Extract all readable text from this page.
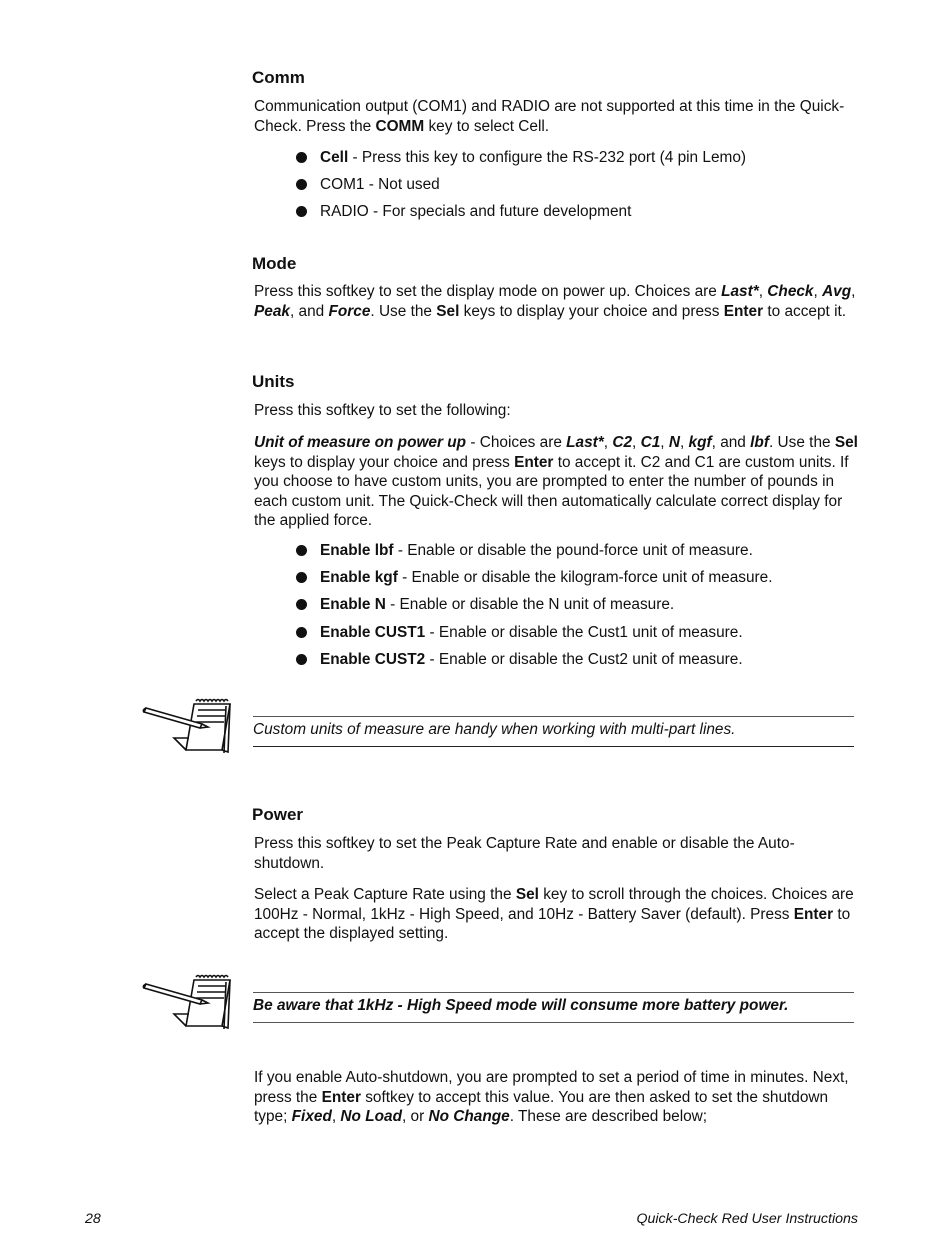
Comm

Communication output (COM1) and RADIO are not supported at this time in the Quick-Check. Press the COMM key to select Cell.

Cell - Press this key to configure the RS-232 port (4 pin Lemo)
COM1 - Not used
RADIO - For specials and future development
Mode

Press this softkey to set the display mode on power up. Choices are Last*, Check, Avg, Peak, and Force. Use the Sel keys to display your choice and press Enter to accept it.

Units

Press this softkey to set the following:

Unit of measure on power up - Choices are Last*, C2, C1, N, kgf, and lbf. Use the Sel keys to display your choice and press Enter to accept it. C2 and C1 are custom units. If you choose to have custom units, you are prompted to enter the number of pounds in each custom unit. The Quick-Check will then automatically calculate correct display for the applied force.

Enable lbf - Enable or disable the pound-force unit of measure.
Enable kgf - Enable or disable the kilogram-force unit of measure.
Enable N - Enable or disable the N unit of measure.
Enable CUST1 - Enable or disable the Cust1 unit of measure.
Enable CUST2 - Enable or disable the Cust2 unit of measure.

Custom units of measure are handy when working with multi-part lines.

Power

Press this softkey to set the Peak Capture Rate and enable or disable the Auto-shutdown.

Select a Peak Capture Rate using the Sel key to scroll through the choices. Choices are 100Hz - Normal, 1kHz - High Speed, and 10Hz - Battery Saver (default). Press Enter to accept the displayed setting.

Be aware that 1kHz - High Speed mode will consume more battery power.

If you enable Auto-shutdown, you are prompted to set a period of time in minutes. Next, press the Enter softkey to accept this value. You are then asked to set the shutdown type; Fixed, No Load, or No Change. These are described below;

28	Quick-Check Red User Instructions
